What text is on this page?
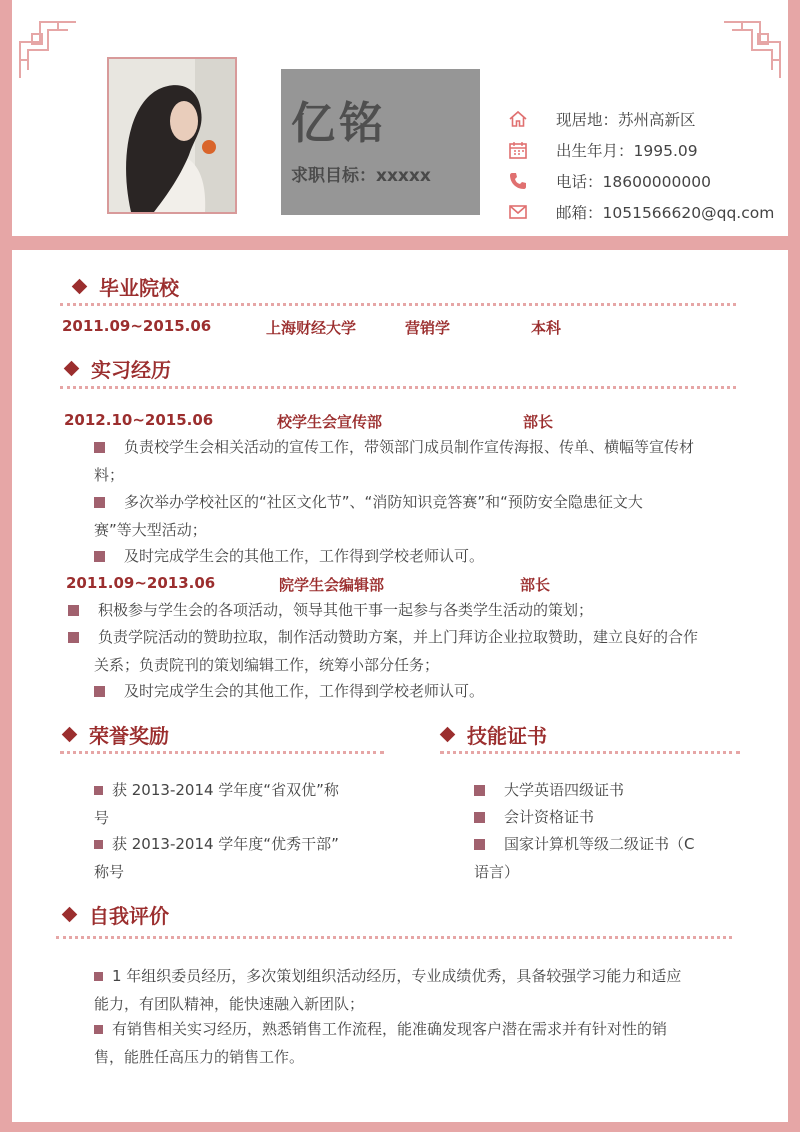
亿铭
求职目标：xxxxx
现居地：苏州高新区
出生年月：1995.09
电话：18600000000
邮箱：1051566620@qq.com
毕业院校
2011.09~2015.06	上海财经大学	营销学	本科
实习经历
2012.10~2015.06	校学生会宣传部	部长
负责校学生会相关活动的宣传工作，带领部门成员制作宣传海报、传单、横幅等宣传材
料；
多次举办学校社区的“社区文化节”、“消防知识竞答赛”和“预防安全隐患征文大
赛”等大型活动；
及时完成学生会的其他工作，工作得到学校老师认可。
2011.09~2013.06	院学生会编辑部	部长
积极参与学生会的各项活动，领导其他干事一起参与各类学生活动的策划；
负责学院活动的赞助拉取，制作活动赞助方案，并上门拜访企业拉取赞助，建立良好的合作
关系；负责院刊的策划编辑工作，统筹小部分任务；
及时完成学生会的其他工作，工作得到学校老师认可。
荣誉奖励
获 2013-2014 学年度“省双优”称
号
获 2013-2014 学年度“优秀干部”
称号
技能证书
大学英语四级证书
会计资格证书
国家计算机等级二级证书（C
语言）
自我评价
1 年组织委员经历，多次策划组织活动经历，专业成绩优秀，具备较强学习能力和适应
能力，有团队精神，能快速融入新团队；
有销售相关实习经历，熟悉销售工作流程，能准确发现客户潜在需求并有针对性的销
售，能胜任高压力的销售工作。
